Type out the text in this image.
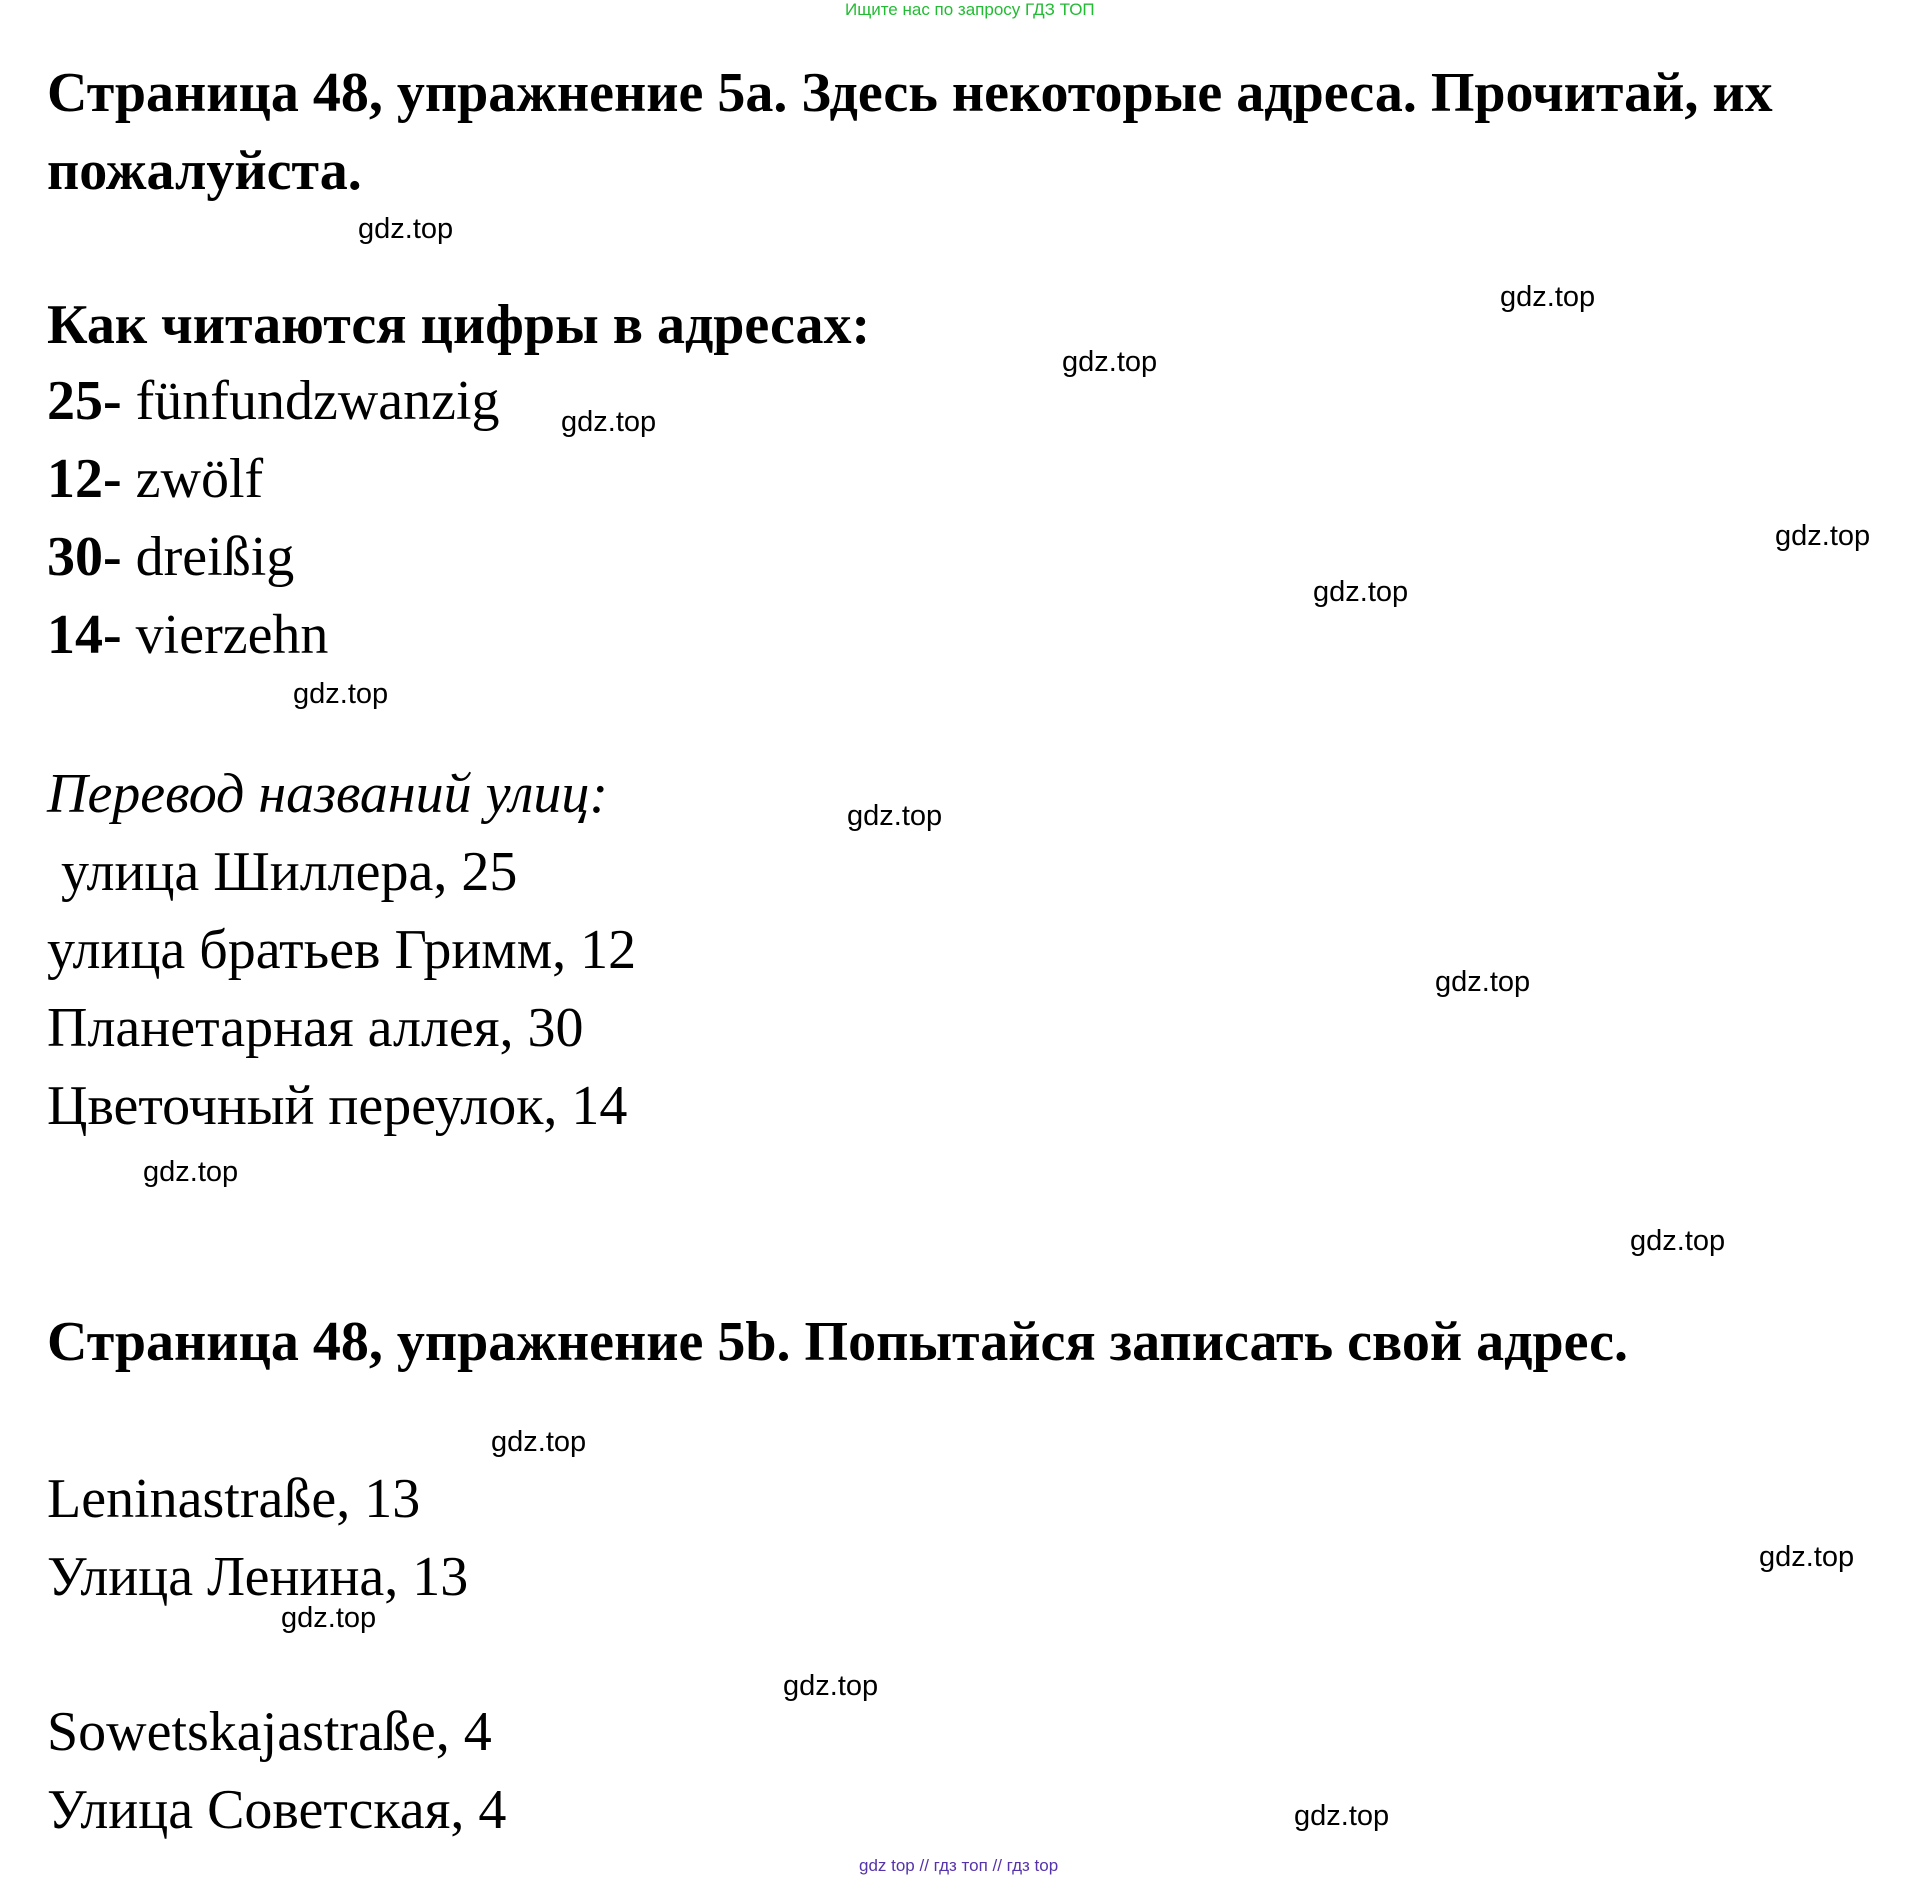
Ищите нас по запросу ГДЗ ТОП
Страница 48, упражнение 5a. Здесь некоторые адреса. Прочитай, их пожалуйста.
Как читаются цифры в адресах:
25- fünfundzwanzig
12- zwölf
30- dreißig
14- vierzehn
Перевод названий улиц:
улица Шиллера, 25
улица братьев Гримм, 12
Планетарная аллея, 30
Цветочный переулок, 14
Страница 48, упражнение 5b. Попытайся записать свой адрес.
Leninastraße, 13
Улица Ленина, 13
Sowetskajastraße, 4
Улица Советская, 4
gdz.top
gdz.top
gdz.top
gdz.top
gdz.top
gdz.top
gdz.top
gdz.top
gdz.top
gdz.top
gdz.top
gdz.top
gdz.top
gdz.top
gdz.top
gdz.top
gdz top // гдз топ // гдз top
